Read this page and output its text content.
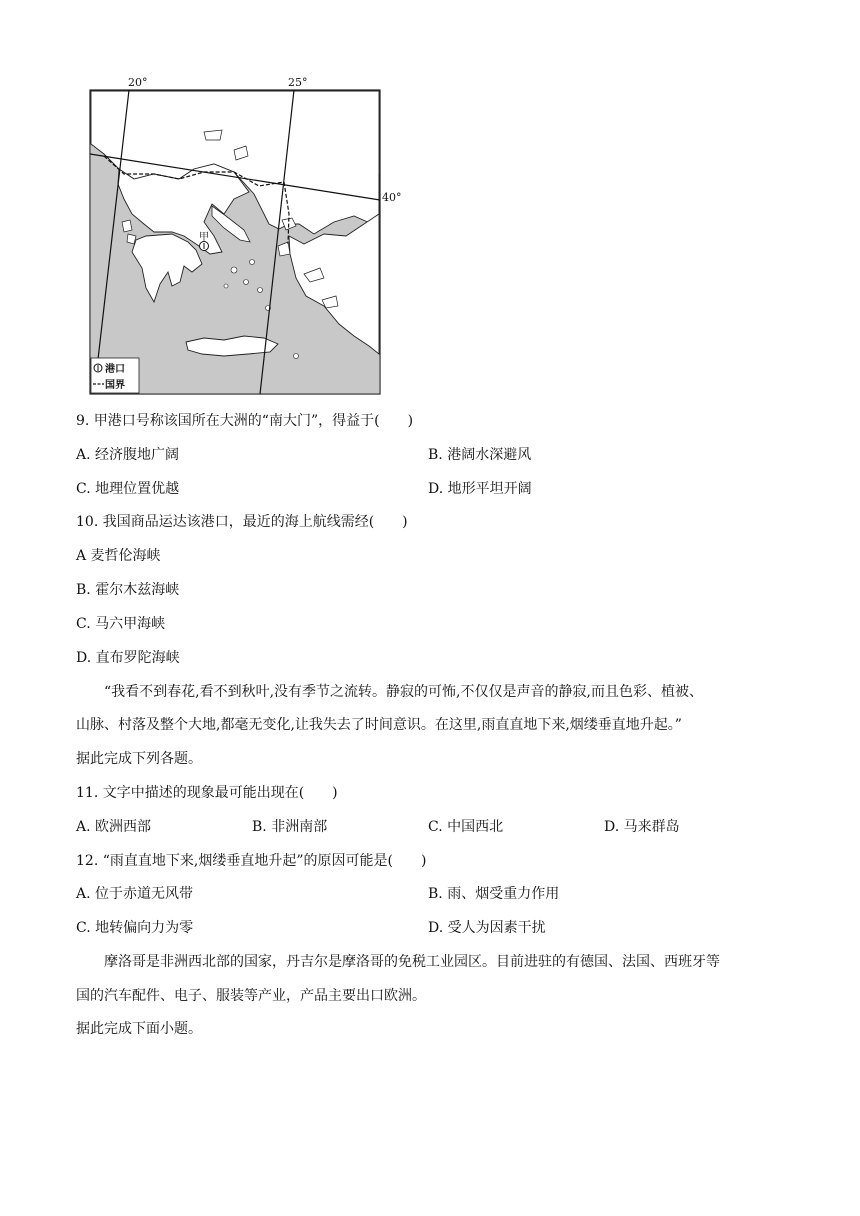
20°	25°
40°
甲
港口
国界
9. 甲港口号称该国所在大洲的“南大门”，得益于(　　)
A. 经济腹地广阔	B. 港阔水深避风
C. 地理位置优越	D. 地形平坦开阔
10. 我国商品运达该港口，最近的海上航线需经(　　)
A 麦哲伦海峡
B. 霍尔木兹海峡
C. 马六甲海峡
D. 直布罗陀海峡
“我看不到春花,看不到秋叶,没有季节之流转。静寂的可怖,不仅仅是声音的静寂,而且色彩、植被、
山脉、村落及整个大地,都毫无变化,让我失去了时间意识。在这里,雨直直地下来,烟缕垂直地升起。”
据此完成下列各题。
11. 文字中描述的现象最可能出现在(　　)
A. 欧洲西部	B. 非洲南部	C. 中国西北	D. 马来群岛
12. “雨直直地下来,烟缕垂直地升起”的原因可能是(　　)
A. 位于赤道无风带	B. 雨、烟受重力作用
C. 地转偏向力为零	D. 受人为因素干扰
摩洛哥是非洲西北部的国家，丹吉尔是摩洛哥的免税工业园区。目前进驻的有德国、法国、西班牙等
国的汽车配件、电子、服装等产业，产品主要出口欧洲。
据此完成下面小题。
